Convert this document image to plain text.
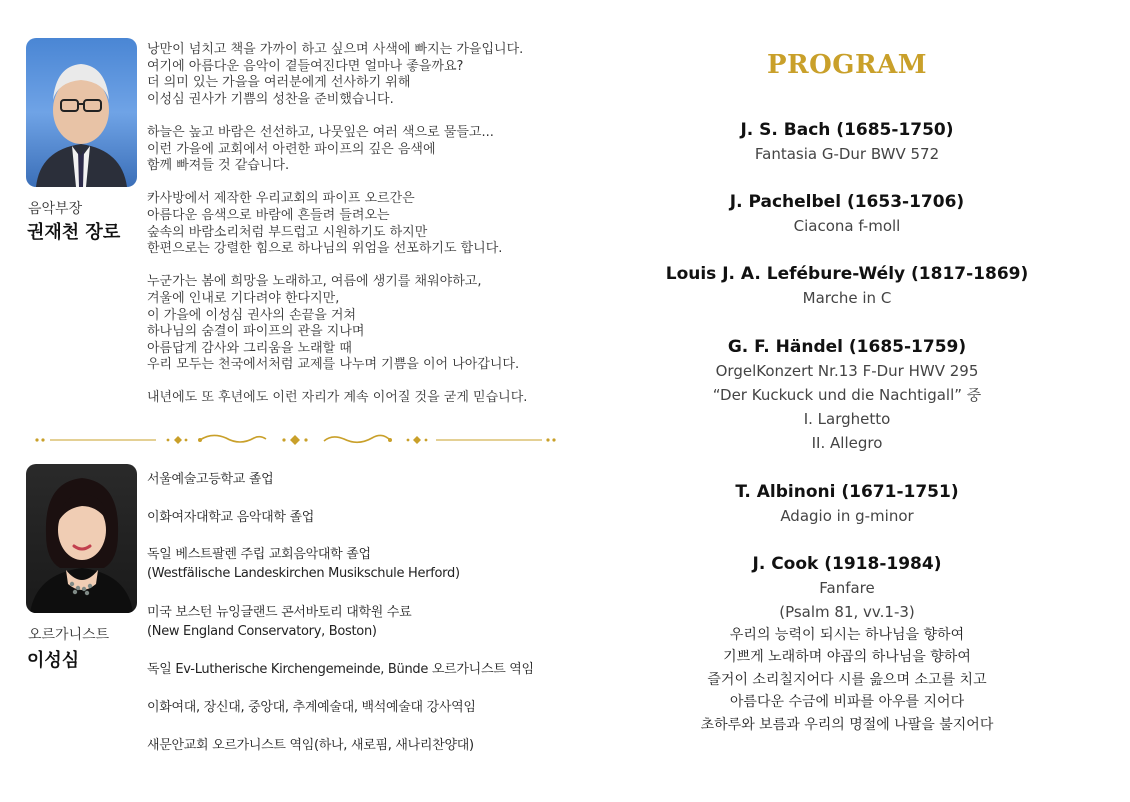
음악부장
권재천 장로

낭만이 넘치고 책을 가까이 하고 싶으며 사색에 빠지는 가을입니다.
여기에 아름다운 음악이 곁들여진다면 얼마나 좋을까요?
더 의미 있는 가을을 여러분에게 선사하기 위해
이성심 권사가 기쁨의 성찬을 준비했습니다.

하늘은 높고 바람은 선선하고, 나뭇잎은 여러 색으로 물들고...
이런 가을에 교회에서 아련한 파이프의 깊은 음색에
함께 빠져들 것 같습니다.

카사방에서 제작한 우리교회의 파이프 오르간은
아름다운 음색으로 바람에 흔들려 들려오는
숲속의 바람소리처럼 부드럽고 시원하기도 하지만
한편으로는 강렬한 힘으로 하나님의 위엄을 선포하기도 합니다.

누군가는 봄에 희망을 노래하고, 여름에 생기를 채워야하고,
겨울에 인내로 기다려야 한다지만,
이 가을에 이성심 권사의 손끝을 거쳐
하나님의 숨결이 파이프의 관을 지나며
아름답게 감사와 그리움을 노래할 때
우리 모두는 천국에서처럼 교제를 나누며 기쁨을 이어 나아갑니다.

내년에도 또 후년에도 이런 자리가 계속 이어질 것을 굳게 믿습니다.

오르가니스트
이성심
서울예술고등학교 졸업
이화여자대학교 음악대학 졸업
독일 베스트팔렌 주립 교회음악대학 졸업
(Westfälische Landeskirchen Musikschule Herford)
미국 보스턴 뉴잉글랜드 콘서바토리 대학원 수료
(New England Conservatory, Boston)
독일 Ev-Lutherische Kirchengemeinde, Bünde 오르가니스트 역임
이화여대, 장신대, 중앙대, 추계예술대, 백석예술대 강사역임
새문안교회 오르가니스트 역임(하나, 새로핌, 새나리찬양대)
PROGRAM
J. S. Bach (1685-1750)
Fantasia G-Dur BWV 572
J. Pachelbel (1653-1706)
Ciacona f-moll
Louis J. A. Lefébure-Wély (1817-1869)
Marche in C
G. F. Händel (1685-1759)
OrgelKonzert Nr.13 F-Dur HWV 295
“Der Kuckuck und die Nachtigall” 중
I. Larghetto
II. Allegro
T. Albinoni (1671-1751)
Adagio in g-minor
J. Cook (1918-1984)
Fanfare
(Psalm 81, vv.1-3)
우리의 능력이 되시는 하나님을 향하여
기쁘게 노래하며 야곱의 하나님을 향하여
즐거이 소리칠지어다 시를 읊으며 소고를 치고
아름다운 수금에 비파를 아우를 지어다
초하루와 보름과 우리의 명절에 나팔을 불지어다
